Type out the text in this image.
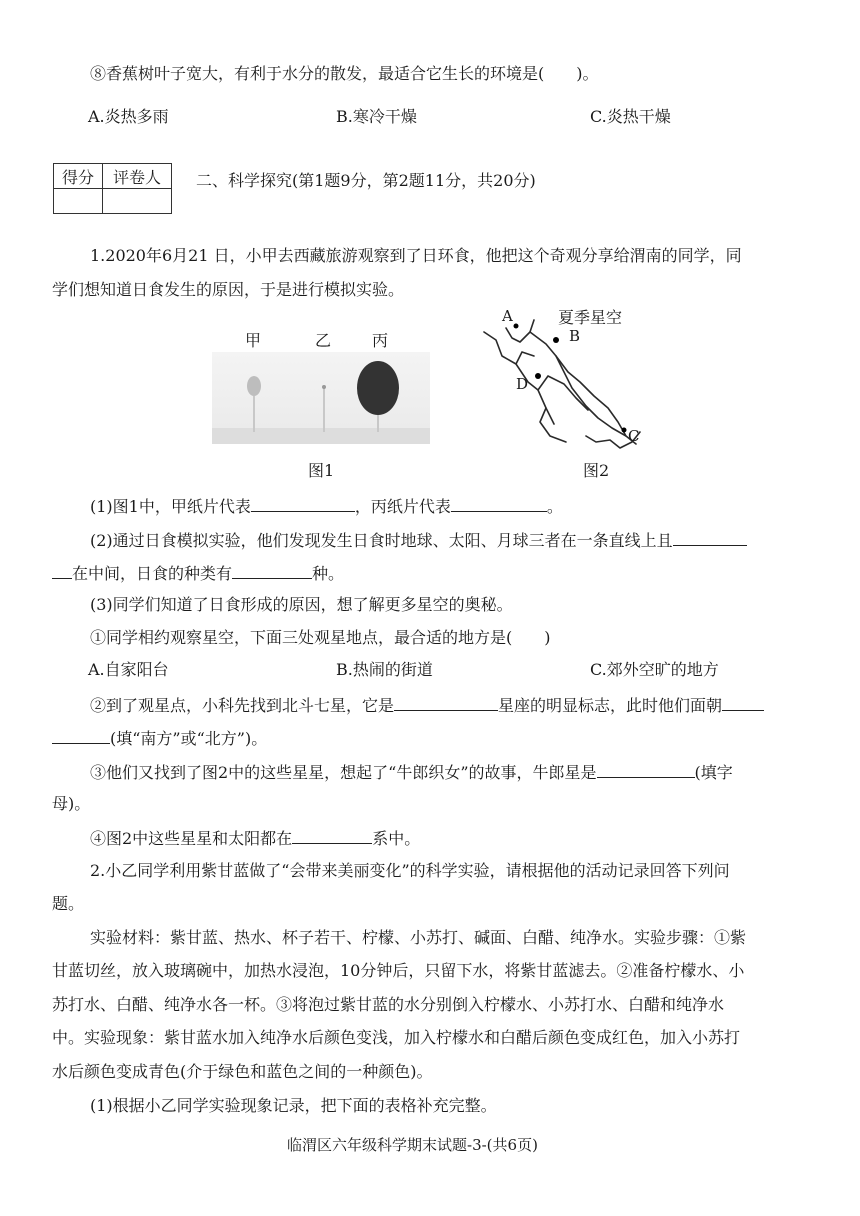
⑧香蕉树叶子宽大，有利于水分的散发，最适合它生长的环境是(　　)。
A.炎热多雨	B.寒冷干燥	C.炎热干燥
得分	评卷人
	二、科学探究(第1题9分，第2题11分，共20分)
1.2020年6月21 日，小甲去西藏旅游观察到了日环食，他把这个奇观分享给渭南的同学，同
学们想知道日食发生的原因，于是进行模拟实验。
甲	乙	丙
图1
A
B
D
C
夏季星空
图2
(1)图1中，甲纸片代表	，丙纸片代表	。
(2)通过日食模拟实验，他们发现发生日食时地球、太阳、月球三者在一条直线上且
在中间，日食的种类有	种。
(3)同学们知道了日食形成的原因，想了解更多星空的奥秘。
①同学相约观察星空，下面三处观星地点，最合适的地方是(　　)
A.自家阳台	B.热闹的街道	C.郊外空旷的地方
②到了观星点，小科先找到北斗七星，它是	星座的明显标志，此时他们面朝
(填“南方”或“北方”)。
③他们又找到了图2中的这些星星，想起了“牛郎织女”的故事，牛郎星是	(填字
母)。
④图2中这些星星和太阳都在	系中。
2.小乙同学利用紫甘蓝做了“会带来美丽变化”的科学实验，请根据他的活动记录回答下列问
题。
实验材料：紫甘蓝、热水、杯子若干、柠檬、小苏打、碱面、白醋、纯净水。实验步骤：①紫
甘蓝切丝，放入玻璃碗中，加热水浸泡，10分钟后，只留下水，将紫甘蓝滤去。②准备柠檬水、小
苏打水、白醋、纯净水各一杯。③将泡过紫甘蓝的水分别倒入柠檬水、小苏打水、白醋和纯净水
中。实验现象：紫甘蓝水加入纯净水后颜色变浅，加入柠檬水和白醋后颜色变成红色，加入小苏打
水后颜色变成青色(介于绿色和蓝色之间的一种颜色)。
(1)根据小乙同学实验现象记录，把下面的表格补充完整。
临渭区六年级科学期末试题-3-(共6页)
